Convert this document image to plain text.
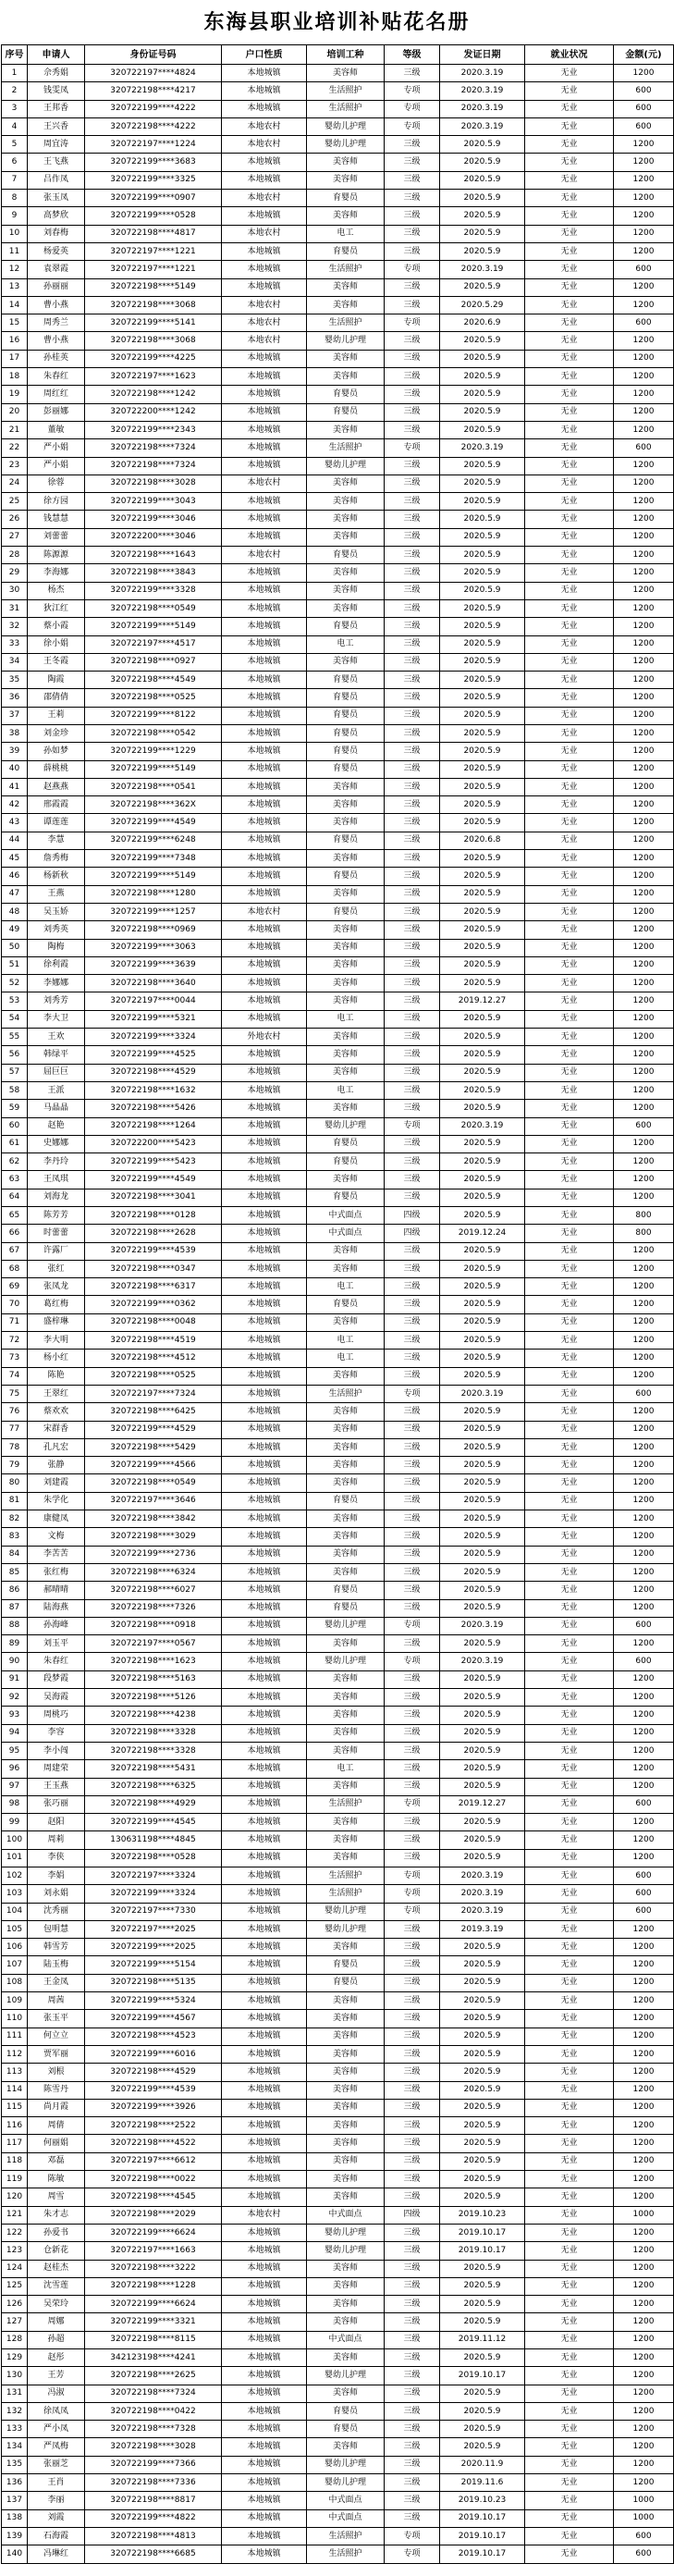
东海县职业培训补贴花名册
序号	申请人	身份证号码	户口性质	培训工种	等级	发证日期	就业状况	金额(元)
1	佘秀娟	320722197****4824	本地城镇	美容师	三级	2020.3.19	无业	1200
2	钱雯凤	320722198****4217	本地城镇	生活照护	专项	2020.3.19	无业	600
3	王邦香	320722199****4222	本地城镇	生活照护	专项	2020.3.19	无业	600
4	王兴香	320722198****4222	本地农村	婴幼儿护理	专项	2020.3.19	无业	600
5	周宜涛	320722197****1224	本地农村	婴幼儿护理	三级	2020.5.9	无业	1200
6	王飞燕	320722199****3683	本地城镇	美容师	三级	2020.5.9	无业	1200
7	吕作凤	320722199****3325	本地城镇	美容师	三级	2020.5.9	无业	1200
8	张玉凤	320722199****0907	本地农村	育婴员	三级	2020.5.9	无业	1200
9	高梦欣	320722199****0528	本地城镇	美容师	三级	2020.5.9	无业	1200
10	刘春梅	320722198****4817	本地农村	电工	三级	2020.5.9	无业	1200
11	杨爱英	320722197****1221	本地城镇	育婴员	三级	2020.5.9	无业	1200
12	袁翠霞	320722197****1221	本地城镇	生活照护	专项	2020.3.19	无业	600
13	孙丽丽	320722198****5149	本地城镇	美容师	三级	2020.5.9	无业	1200
14	曹小燕	320722198****3068	本地农村	美容师	三级	2020.5.29	无业	1200
15	周秀兰	320722199****5141	本地农村	生活照护	专项	2020.6.9	无业	600
16	曹小燕	320722198****3068	本地农村	婴幼儿护理	三级	2020.5.9	无业	1200
17	孙桂英	320722199****4225	本地城镇	美容师	三级	2020.5.9	无业	1200
18	朱春红	320722197****1623	本地城镇	美容师	三级	2020.5.9	无业	1200
19	周红红	320722198****1242	本地城镇	育婴员	三级	2020.5.9	无业	1200
20	彭丽娜	320722200****1242	本地城镇	育婴员	三级	2020.5.9	无业	1200
21	董敏	320722199****2343	本地城镇	美容师	三级	2020.5.9	无业	1200
22	严小娟	320722198****7324	本地城镇	生活照护	专项	2020.3.19	无业	600
23	严小娟	320722198****7324	本地城镇	婴幼儿护理	三级	2020.5.9	无业	1200
24	徐蓉	320722198****3028	本地农村	美容师	三级	2020.5.9	无业	1200
25	徐方园	320722199****3043	本地城镇	美容师	三级	2020.5.9	无业	1200
26	钱慧慧	320722199****3046	本地城镇	美容师	三级	2020.5.9	无业	1200
27	刘蕾蕾	320722200****3046	本地城镇	美容师	三级	2020.5.9	无业	1200
28	陈源源	320722198****1643	本地农村	育婴员	三级	2020.5.9	无业	1200
29	李海娜	320722198****3843	本地城镇	美容师	三级	2020.5.9	无业	1200
30	杨杰	320722199****3328	本地城镇	美容师	三级	2020.5.9	无业	1200
31	狄江红	320722198****0549	本地城镇	美容师	三级	2020.5.9	无业	1200
32	蔡小霞	320722199****5149	本地城镇	育婴员	三级	2020.5.9	无业	1200
33	徐小娟	320722197****4517	本地城镇	电工	三级	2020.5.9	无业	1200
34	王冬霞	320722198****0927	本地城镇	美容师	三级	2020.5.9	无业	1200
35	陶霞	320722198****4549	本地城镇	育婴员	三级	2020.5.9	无业	1200
36	邵倩倩	320722198****0525	本地城镇	育婴员	三级	2020.5.9	无业	1200
37	王莉	320722199****8122	本地城镇	育婴员	三级	2020.5.9	无业	1200
38	刘金珍	320722198****0542	本地城镇	育婴员	三级	2020.5.9	无业	1200
39	孙如梦	320722199****1229	本地城镇	育婴员	三级	2020.5.9	无业	1200
40	薛桃桃	320722199****5149	本地城镇	育婴员	三级	2020.5.9	无业	1200
41	赵燕燕	320722198****0541	本地城镇	美容师	三级	2020.5.9	无业	1200
42	邢霞霞	320722198****362X	本地城镇	美容师	三级	2020.5.9	无业	1200
43	谭莲莲	320722199****4549	本地城镇	美容师	三级	2020.5.9	无业	1200
44	李慧	320722199****6248	本地城镇	育婴员	三级	2020.6.8	无业	1200
45	詹秀梅	320722199****7348	本地城镇	美容师	三级	2020.5.9	无业	1200
46	杨新秋	320722199****5149	本地城镇	育婴员	三级	2020.5.9	无业	1200
47	王燕	320722198****1280	本地城镇	美容师	三级	2020.5.9	无业	1200
48	吴玉娇	320722199****1257	本地农村	育婴员	三级	2020.5.9	无业	1200
49	刘秀英	320722198****0969	本地城镇	美容师	三级	2020.5.9	无业	1200
50	陶梅	320722199****3063	本地城镇	美容师	三级	2020.5.9	无业	1200
51	徐利霞	320722199****3639	本地城镇	美容师	三级	2020.5.9	无业	1200
52	李娜娜	320722198****3640	本地城镇	美容师	三级	2020.5.9	无业	1200
53	刘秀芳	320722197****0044	本地城镇	美容师	三级	2019.12.27	无业	1200
54	李大卫	320722199****5321	本地城镇	电工	三级	2020.5.9	无业	1200
55	王欢	320722199****3324	外地农村	美容师	三级	2020.5.9	无业	1200
56	韩绿平	320722199****4525	本地城镇	美容师	三级	2020.5.9	无业	1200
57	屈巨巨	320722198****4529	本地城镇	美容师	三级	2020.5.9	无业	1200
58	王派	320722198****1632	本地城镇	电工	三级	2020.5.9	无业	1200
59	马晶晶	320722198****5426	本地城镇	美容师	三级	2020.5.9	无业	1200
60	赵艳	320722198****1264	本地城镇	婴幼儿护理	专项	2020.3.19	无业	600
61	史娜娜	320722200****5423	本地城镇	育婴员	三级	2020.5.9	无业	1200
62	李丹玲	320722199****5423	本地城镇	育婴员	三级	2020.5.9	无业	1200
63	王凤琪	320722199****4549	本地城镇	美容师	三级	2020.5.9	无业	1200
64	刘海龙	320722198****3041	本地城镇	育婴员	三级	2020.5.9	无业	1200
65	陈芳芳	320722198****0128	本地城镇	中式面点	四级	2020.5.9	无业	800
66	时蕾蕾	320722198****2628	本地城镇	中式面点	四级	2019.12.24	无业	800
67	许露厂	320722199****4539	本地城镇	美容师	三级	2020.5.9	无业	1200
68	张红	320722198****0347	本地城镇	美容师	三级	2020.5.9	无业	1200
69	张凤龙	320722198****6317	本地城镇	电工	三级	2020.5.9	无业	1200
70	葛红梅	320722199****0362	本地城镇	育婴员	三级	2020.5.9	无业	1200
71	盛梓琳	320722198****0048	本地城镇	美容师	三级	2020.5.9	无业	1200
72	李大明	320722198****4519	本地城镇	电工	三级	2020.5.9	无业	1200
73	杨小红	320722198****4512	本地城镇	电工	三级	2020.5.9	无业	1200
74	陈艳	320722198****0525	本地城镇	美容师	三级	2020.5.9	无业	1200
75	王翠红	320722197****7324	本地城镇	生活照护	专项	2020.3.19	无业	600
76	蔡欢欢	320722198****6425	本地城镇	美容师	三级	2020.5.9	无业	1200
77	宋群香	320722199****4529	本地城镇	美容师	三级	2020.5.9	无业	1200
78	孔凡宏	320722198****5429	本地城镇	美容师	三级	2020.5.9	无业	1200
79	张静	320722199****4566	本地城镇	美容师	三级	2020.5.9	无业	1200
80	刘建霞	320722198****0549	本地城镇	美容师	三级	2020.5.9	无业	1200
81	朱学化	320722197****3646	本地城镇	育婴员	三级	2020.5.9	无业	1200
82	康健凤	320722198****3842	本地城镇	美容师	三级	2020.5.9	无业	1200
83	文梅	320722198****3029	本地城镇	美容师	三级	2020.5.9	无业	1200
84	李苦苦	320722199****2736	本地城镇	美容师	三级	2020.5.9	无业	1200
85	张红梅	320722198****6324	本地城镇	美容师	三级	2020.5.9	无业	1200
86	郝晴晴	320722198****6027	本地城镇	育婴员	三级	2020.5.9	无业	1200
87	陆海燕	320722198****7326	本地城镇	育婴员	三级	2020.5.9	无业	1200
88	孙海峰	320722198****0918	本地城镇	婴幼儿护理	专项	2020.3.19	无业	600
89	刘玉平	320722197****0567	本地城镇	美容师	三级	2020.5.9	无业	1200
90	朱春红	320722198****1623	本地城镇	婴幼儿护理	专项	2020.3.19	无业	600
91	段梦霞	320722198****5163	本地城镇	美容师	三级	2020.5.9	无业	1200
92	吴海霞	320722198****5126	本地城镇	美容师	三级	2020.5.9	无业	1200
93	周桃巧	320722198****4238	本地城镇	美容师	三级	2020.5.9	无业	1200
94	李容	320722198****3328	本地城镇	美容师	三级	2020.5.9	无业	1200
95	李小闯	320722198****3328	本地城镇	美容师	三级	2020.5.9	无业	1200
96	周建荣	320722198****5431	本地城镇	电工	三级	2020.5.9	无业	1200
97	王玉燕	320722198****6325	本地城镇	美容师	三级	2020.5.9	无业	1200
98	张巧丽	320722198****4929	本地城镇	生活照护	专项	2019.12.27	无业	600
99	赵阳	320722199****4545	本地城镇	美容师	三级	2020.5.9	无业	1200
100	周莉	130631198****4845	本地城镇	美容师	三级	2020.5.9	无业	1200
101	李侠	320722198****0528	本地城镇	美容师	三级	2020.5.9	无业	1200
102	李娟	320722197****3324	本地城镇	生活照护	专项	2020.3.19	无业	600
103	刘永娟	320722199****3324	本地城镇	生活照护	专项	2020.3.19	无业	600
104	沈秀丽	320722197****7330	本地城镇	婴幼儿护理	专项	2020.3.19	无业	600
105	包明慧	320722197****2025	本地城镇	婴幼儿护理	三级	2019.3.19	无业	1200
106	韩雪芳	320722199****2025	本地城镇	美容师	三级	2020.5.9	无业	1200
107	陆玉梅	320722199****5154	本地城镇	育婴员	三级	2020.5.9	无业	1200
108	王金凤	320722198****5135	本地城镇	育婴员	三级	2020.5.9	无业	1200
109	周茜	320722199****5324	本地城镇	美容师	三级	2020.5.9	无业	1200
110	张玉平	320722199****4567	本地城镇	美容师	三级	2020.5.9	无业	1200
111	何立立	320722198****4523	本地城镇	美容师	三级	2020.5.9	无业	1200
112	贾军丽	320722199****6016	本地城镇	美容师	三级	2020.5.9	无业	1200
113	刘根	320722198****4529	本地城镇	美容师	三级	2020.5.9	无业	1200
114	陈雪丹	320722199****4539	本地城镇	美容师	三级	2020.5.9	无业	1200
115	尚月霞	320722199****3926	本地城镇	美容师	三级	2020.5.9	无业	1200
116	周倩	320722198****2522	本地城镇	美容师	三级	2020.5.9	无业	1200
117	何丽娟	320722198****4522	本地城镇	美容师	三级	2020.5.9	无业	1200
118	邓磊	320722197****6612	本地城镇	美容师	三级	2020.5.9	无业	1200
119	陈敏	320722198****0022	本地城镇	美容师	三级	2020.5.9	无业	1200
120	周雪	320722198****4545	本地城镇	美容师	三级	2020.5.9	无业	1200
121	朱才志	320722198****2029	本地农村	中式面点	四级	2019.10.23	无业	1000
122	孙爱书	320722199****6624	本地城镇	婴幼儿护理	三级	2019.10.17	无业	1200
123	仓新花	320722197****1663	本地城镇	婴幼儿护理	三级	2019.10.17	无业	1200
124	赵桂杰	320722198****3222	本地城镇	美容师	三级	2020.5.9	无业	1200
125	沈雪莲	320722198****1228	本地城镇	美容师	三级	2020.5.9	无业	1200
126	吴荣玲	320722199****6624	本地城镇	美容师	三级	2020.5.9	无业	1200
127	周娜	320722199****3321	本地城镇	美容师	三级	2020.5.9	无业	1200
128	孙超	320722198****8115	本地城镇	中式面点	三级	2019.11.12	无业	1200
129	赵彤	342123198****4241	本地城镇	美容师	三级	2020.5.9	无业	1200
130	王芳	320722198****2625	本地城镇	婴幼儿护理	三级	2019.10.17	无业	1200
131	冯淑	320722198****7324	本地城镇	美容师	三级	2020.5.9	无业	1200
132	徐凤凤	320722198****0422	本地城镇	育婴员	三级	2020.5.9	无业	1200
133	严小凤	320722198****7328	本地城镇	育婴员	三级	2020.5.9	无业	1200
134	严凤梅	320722198****3028	本地城镇	美容师	三级	2020.5.9	无业	1200
135	张丽芝	320722199****7366	本地城镇	婴幼儿护理	三级	2020.11.9	无业	1200
136	王肖	320722198****7336	本地城镇	婴幼儿护理	三级	2019.11.6	无业	1200
137	李丽	320722198****8817	本地城镇	中式面点	三级	2019.10.23	无业	1000
138	刘霞	320722199****4822	本地城镇	中式面点	三级	2019.10.17	无业	1000
139	石海霞	320722198****4813	本地城镇	生活照护	专项	2019.10.17	无业	600
140	冯琳红	320722198****6685	本地城镇	生活照护	专项	2019.10.17	无业	600
